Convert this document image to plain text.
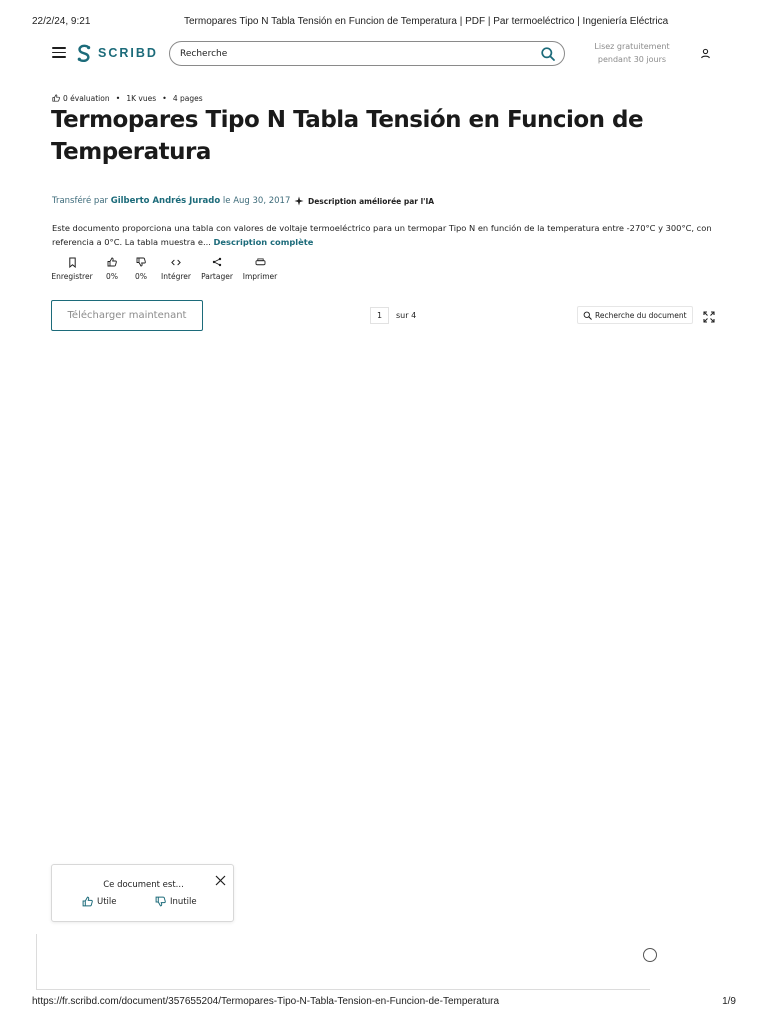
22/2/24, 9:21	Termopares Tipo N Tabla Tensión en Funcion de Temperatura | PDF | Par termoeléctrico | Ingeniería Eléctrica
SCRIBD
Recherche	Lisez gratuitement
pendant 30 jours
0 évaluation • 1K vues • 4 pages
Termopares Tipo N Tabla Tensión en Funcion de Temperatura
Transféré par Gilberto Andrés Jurado le Aug 30, 2017 Description améliorée par l'IA

Este documento proporciona una tabla con valores de voltaje termoeléctrico para un termopar Tipo N en función de la temperatura entre -270°C y 300°C, con referencia a 0°C. La tabla muestra e... Description complète

Enregistrer	0%	0%	Intégrer Partager Imprimer
Télécharger maintenant
1	sur 4	Recherche du document
Ce document est...
Utile	Inutile
https://fr.scribd.com/document/357655204/Termopares-Tipo-N-Tabla-Tension-en-Funcion-de-Temperatura	1/9
